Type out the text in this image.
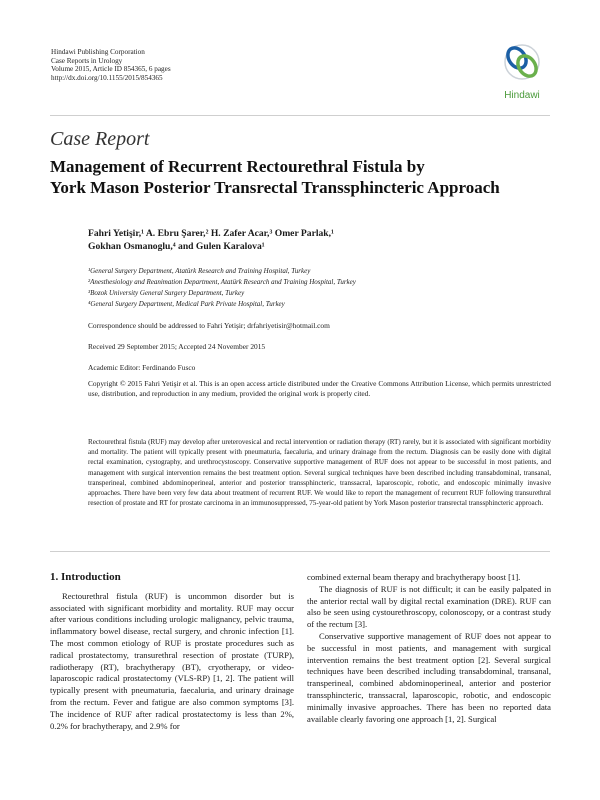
Hindawi Publishing Corporation
Case Reports in Urology
Volume 2015, Article ID 854365, 6 pages
http://dx.doi.org/10.1155/2015/854365
Hindawi
Case Report
Management of Recurrent Rectourethral Fistula by
York Mason Posterior Transrectal Transsphincteric Approach
Fahri Yetişir,¹ A. Ebru Şarer,² H. Zafer Acar,³ Omer Parlak,¹
Gokhan Osmanoglu,⁴ and Gulen Karalova¹
¹General Surgery Department, Atatürk Research and Training Hospital, Turkey
²Anesthesiology and Reanimation Department, Atatürk Research and Training Hospital, Turkey
³Bozok University General Surgery Department, Turkey
⁴General Surgery Department, Medical Park Private Hospital, Turkey
Correspondence should be addressed to Fahri Yetişir; drfahriyetisir@hotmail.com
Received 29 September 2015; Accepted 24 November 2015
Academic Editor: Ferdinando Fusco
Copyright © 2015 Fahri Yetişir et al. This is an open access article distributed under the Creative Commons Attribution License, which permits unrestricted use, distribution, and reproduction in any medium, provided the original work is properly cited.
Rectourethral fistula (RUF) may develop after ureterovesical and rectal intervention or radiation therapy (RT) rarely, but it is associated with significant morbidity and mortality. The patient will typically present with pneumaturia, faecaluria, and urinary drainage from the rectum. Diagnosis can be easily done with digital rectal examination, cystography, and urethrocystoscopy. Conservative supportive management of RUF does not appear to be successful in most patients, and management with surgical intervention remains the best treatment option. Several surgical techniques have been described including transabdominal, transanal, transperineal, combined abdominoperineal, anterior and posterior transsphincteric, transsacral, laparoscopic, robotic, and endoscopic minimally invasive approaches. There have been very few data about treatment of recurrent RUF. We would like to report the management of recurrent RUF following transurethral resection of prostate and RT for prostate carcinoma in an immunosuppressed, 75-year-old patient by York Mason posterior transrectal transsphincteric approach.
1. Introduction

Rectourethral fistula (RUF) is uncommon disorder but is associated with significant morbidity and mortality. RUF may occur after various conditions including urologic malignancy, pelvic trauma, inflammatory bowel disease, rectal surgery, and chronic infection [1]. The most common etiology of RUF is prostate procedures such as radical prostatectomy, transurethral resection of prostate (TURP), radiotherapy (RT), brachytherapy (BT), cryotherapy, or video-laparoscopic radical prostatectomy (VLS-RP) [1, 2]. The patient will typically present with pneumaturia, faecaluria, and urinary drainage from the rectum. Fever and fatigue are also common symptoms [3]. The incidence of RUF after radical prostatectomy is less than 2%, 0.2% for brachytherapy, and 2.9% for

combined external beam therapy and brachytherapy boost [1].

The diagnosis of RUF is not difficult; it can be easily palpated in the anterior rectal wall by digital rectal examination (DRE). RUF can also be seen using cystourethroscopy, colonoscopy, or a contrast study of the rectum [3].

Conservative supportive management of RUF does not appear to be successful in most patients, and management with surgical intervention remains the best treatment option [2]. Several surgical techniques have been described including transabdominal, transanal, transperineal, combined abdominoperineal, anterior and posterior transsphincteric, transsacral, laparoscopic, robotic, and endoscopic minimally invasive approaches. There has been no reported data available clearly favoring one approach [1, 2]. Surgical
